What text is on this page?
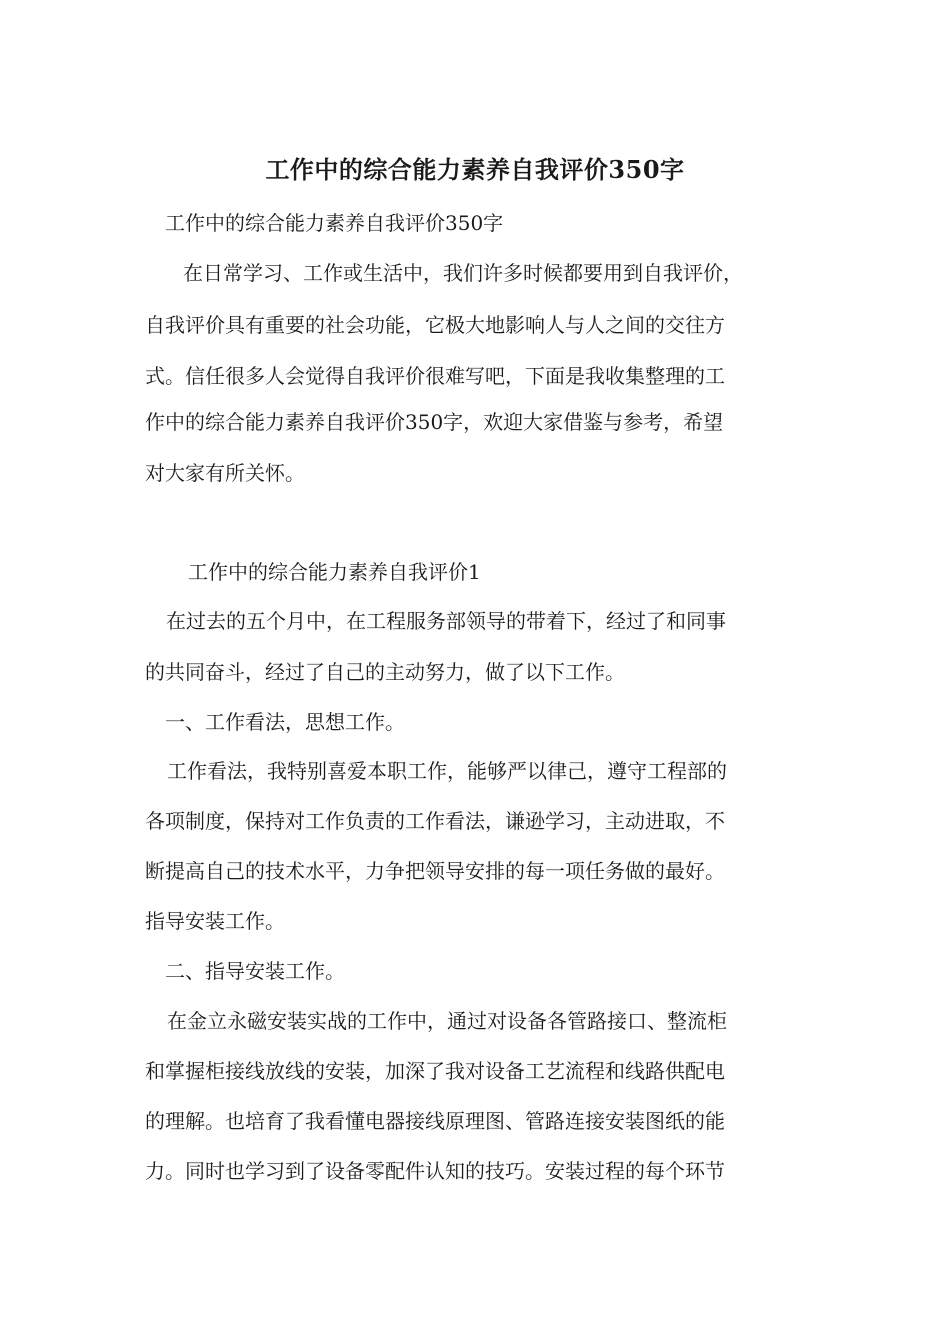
工作中的综合能力素养自我评价350字
工作中的综合能力素养自我评价350字
在日常学习、工作或生活中，我们许多时候都要用到自我评价，
自我评价具有重要的社会功能，它极大地影响人与人之间的交往方
式。信任很多人会觉得自我评价很难写吧，下面是我收集整理的工
作中的综合能力素养自我评价350字，欢迎大家借鉴与参考，希望
对大家有所关怀。
工作中的综合能力素养自我评价1
在过去的五个月中，在工程服务部领导的带着下，经过了和同事
的共同奋斗，经过了自己的主动努力，做了以下工作。
一、工作看法，思想工作。
工作看法，我特别喜爱本职工作，能够严以律己，遵守工程部的
各项制度，保持对工作负责的工作看法，谦逊学习，主动进取，不
断提高自己的技术水平，力争把领导安排的每一项任务做的最好。
指导安装工作。
二、指导安装工作。
在金立永磁安装实战的工作中，通过对设备各管路接口、整流柜
和掌握柜接线放线的安装，加深了我对设备工艺流程和线路供配电
的理解。也培育了我看懂电器接线原理图、管路连接安装图纸的能
力。同时也学习到了设备零配件认知的技巧。安装过程的每个环节
